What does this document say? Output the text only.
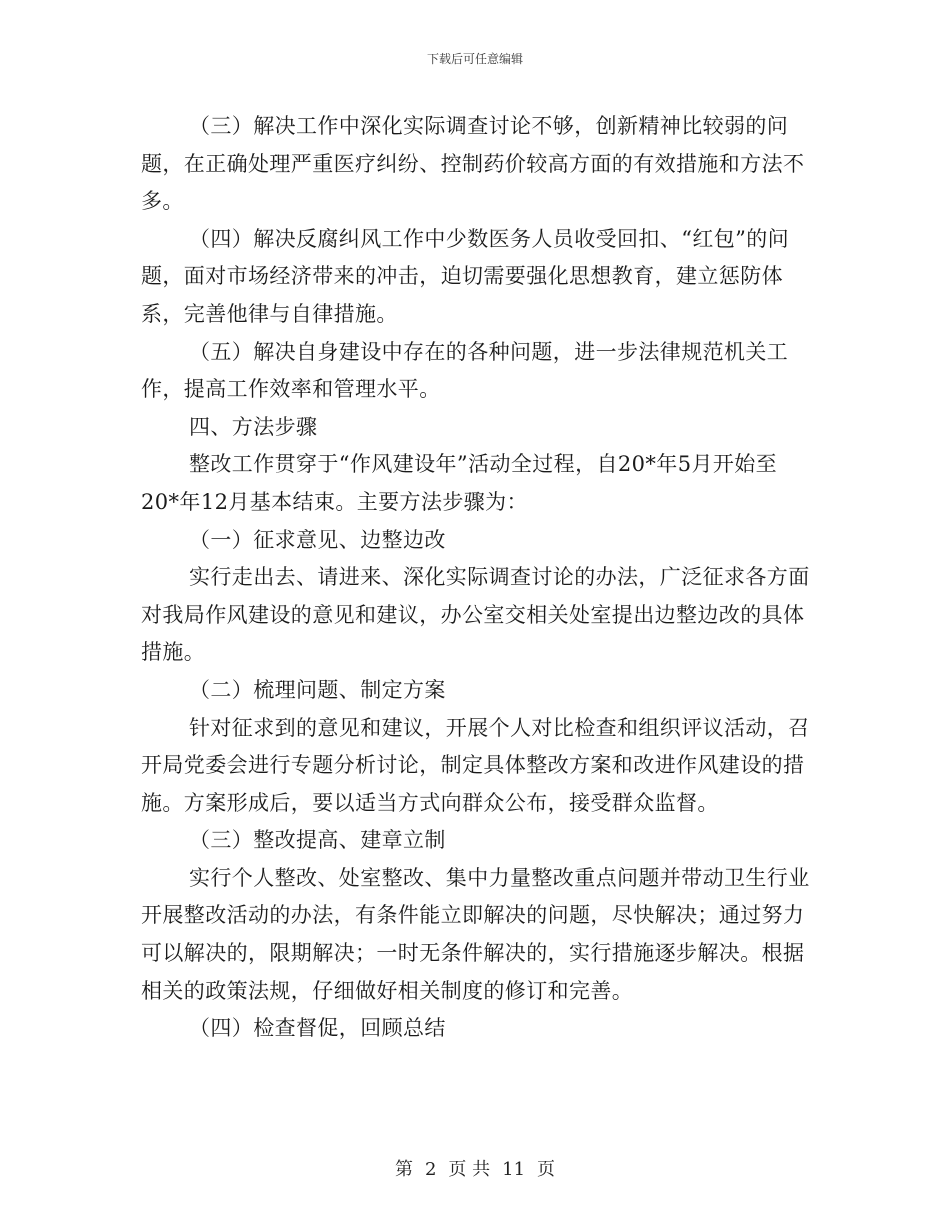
下载后可任意编辑

（三）解决工作中深化实际调查讨论不够，创新精神比较弱的问题，在正确处理严重医疗纠纷、控制药价较高方面的有效措施和方法不多。

（四）解决反腐纠风工作中少数医务人员收受回扣、“红包”的问题，面对市场经济带来的冲击，迫切需要强化思想教育，建立惩防体系，完善他律与自律措施。

（五）解决自身建设中存在的各种问题，进一步法律规范机关工作，提高工作效率和管理水平。

四、方法步骤

整改工作贯穿于“作风建设年”活动全过程，自20*年5月开始至20*年12月基本结束。主要方法步骤为：

（一）征求意见、边整边改

实行走出去、请进来、深化实际调查讨论的办法，广泛征求各方面对我局作风建设的意见和建议，办公室交相关处室提出边整边改的具体措施。

（二）梳理问题、制定方案

针对征求到的意见和建议，开展个人对比检查和组织评议活动，召开局党委会进行专题分析讨论，制定具体整改方案和改进作风建设的措施。方案形成后，要以适当方式向群众公布，接受群众监督。

（三）整改提高、建章立制

实行个人整改、处室整改、集中力量整改重点问题并带动卫生行业开展整改活动的办法，有条件能立即解决的问题，尽快解决；通过努力可以解决的，限期解决；一时无条件解决的，实行措施逐步解决。根据相关的政策法规，仔细做好相关制度的修订和完善。

（四）检查督促，回顾总结

第 2 页 共 11 页
